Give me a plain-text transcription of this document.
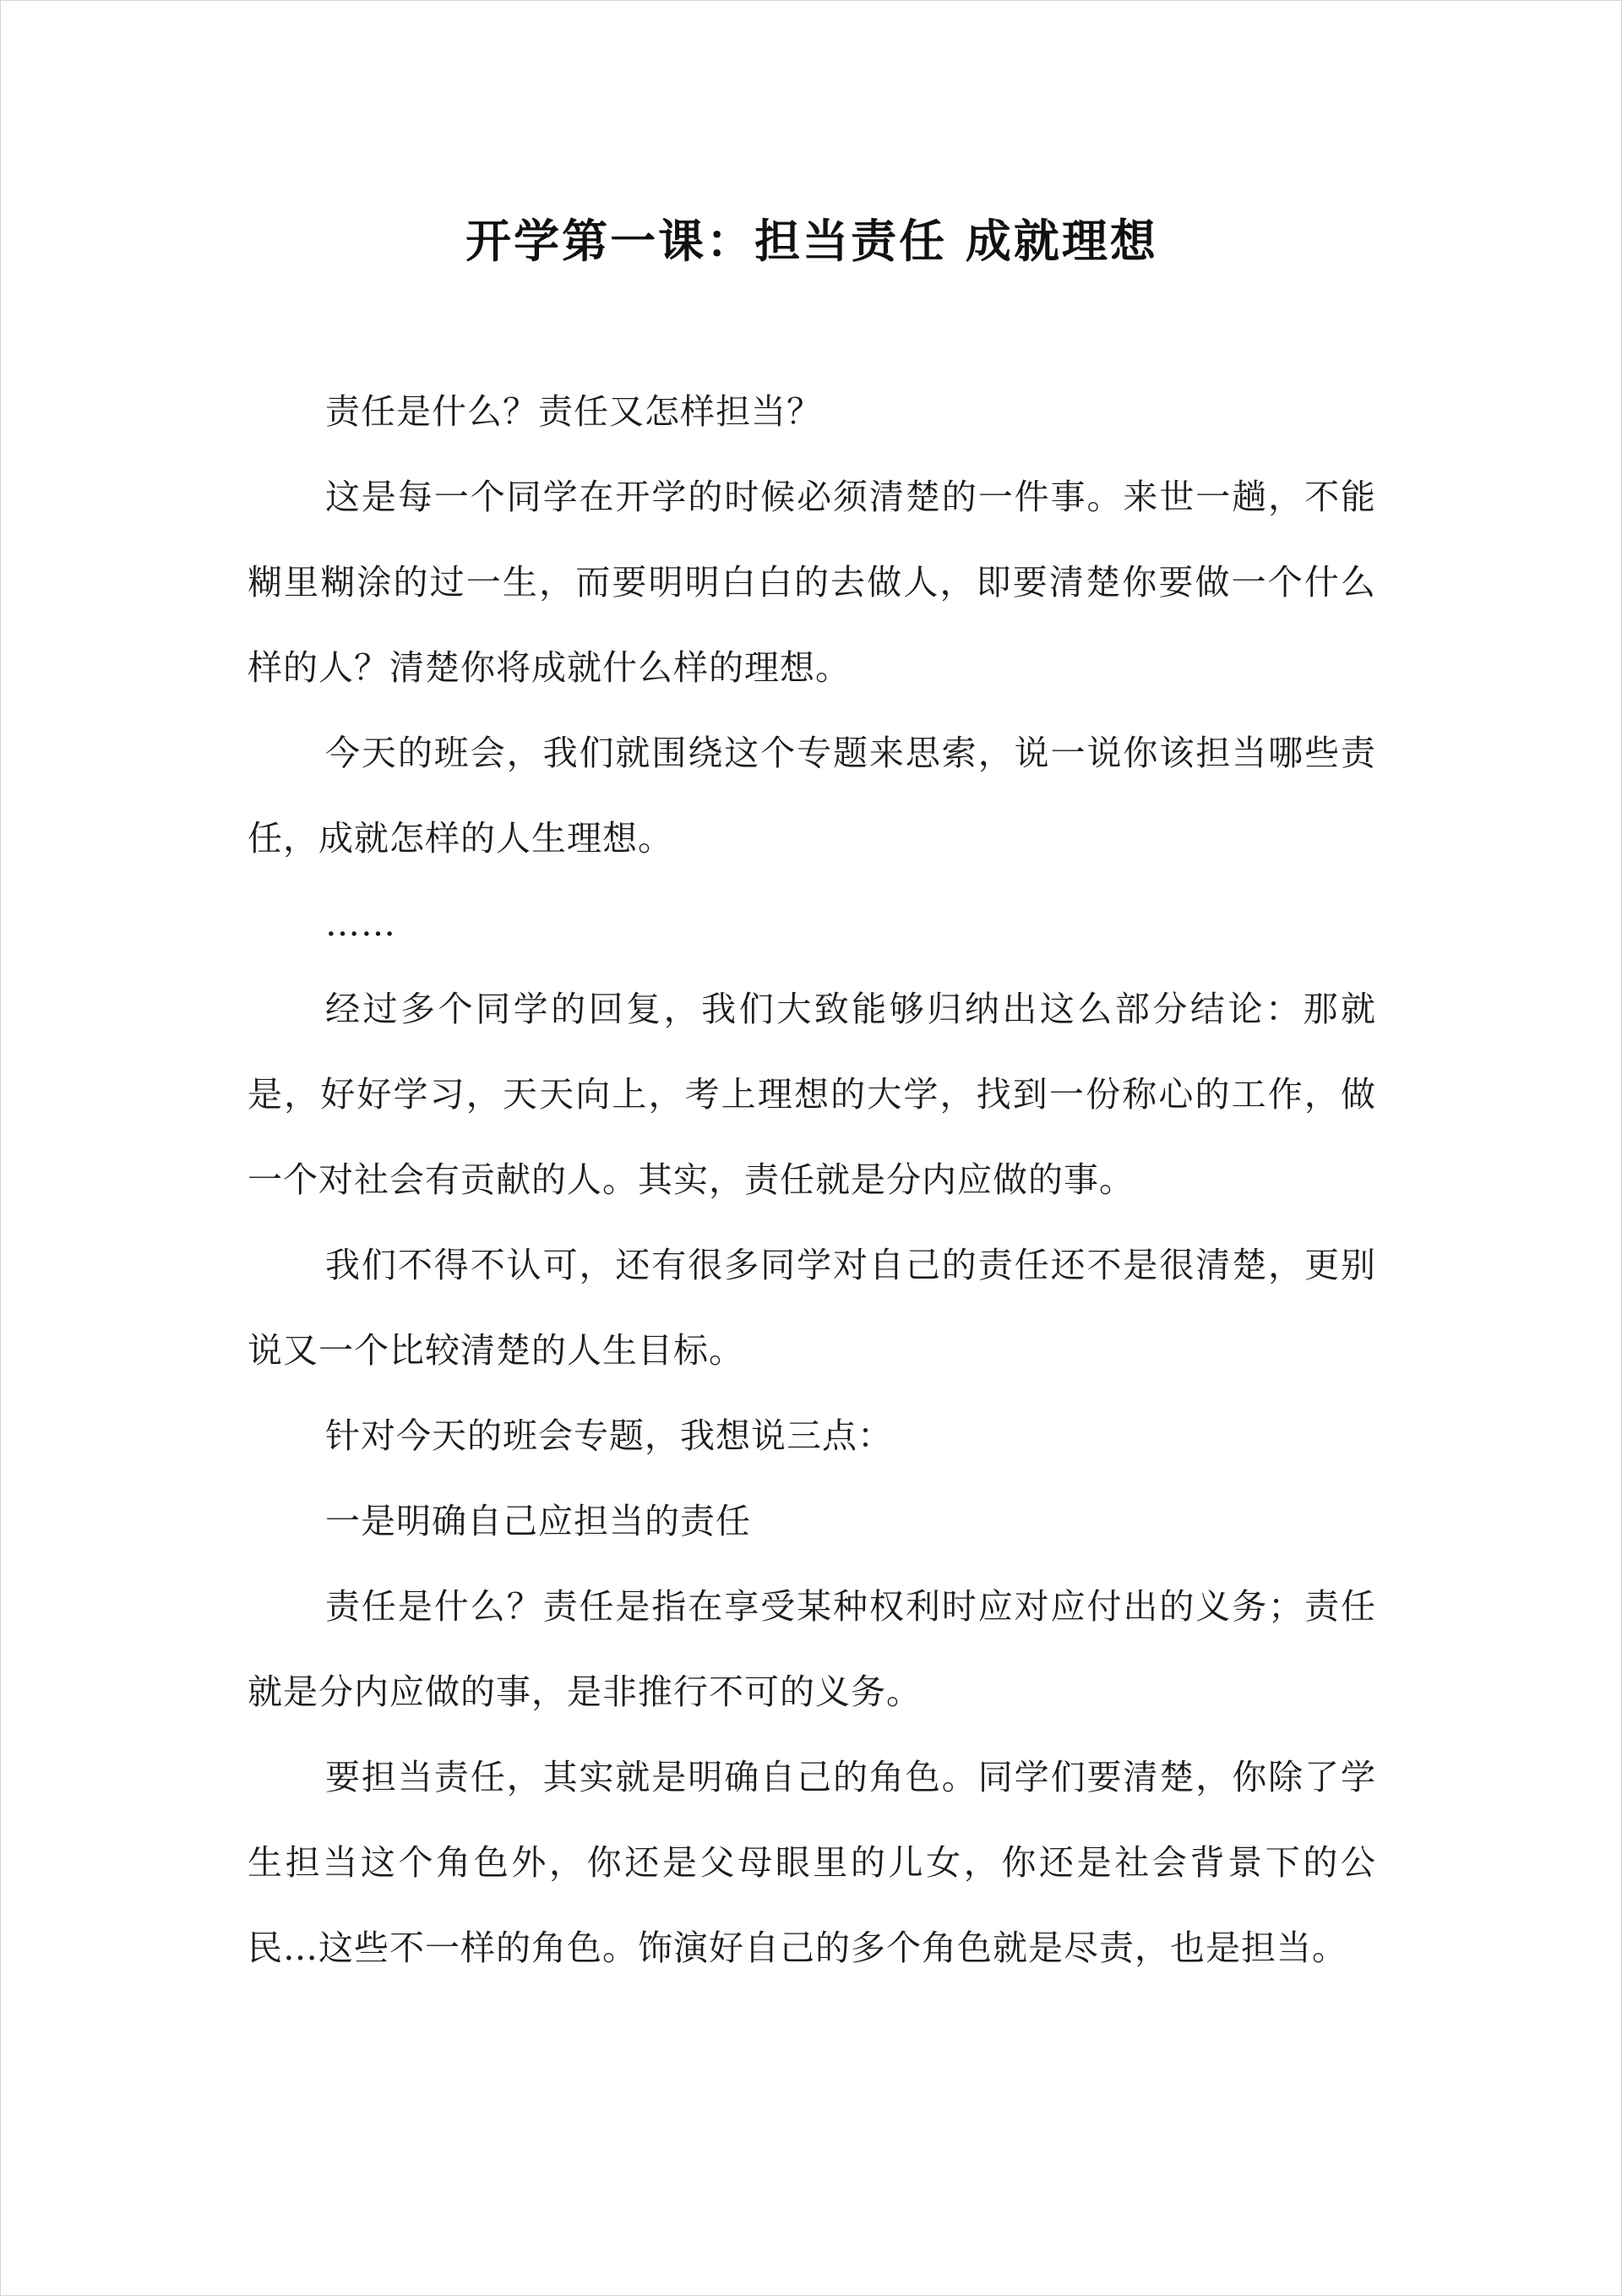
开学第一课：担当责任 成就理想

责任是什么？责任又怎样担当？

这是每一个同学在开学的时候必须清楚的一件事。来世一趟，不能糊里糊涂的过一生，而要明明白白的去做人，即要清楚你要做一个什么样的人？清楚你将成就什么样的理想。

今天的班会，我们就围绕这个专题来思索，说一说你该担当哪些责任，成就怎样的人生理想。

……

经过多个同学的回复，我们大致能够归纳出这么部分结论：那就是，好好学习，天天向上，考上理想的大学，找到一份称心的工作，做一个对社会有贡献的人。其实，责任就是分内应做的事。

我们不得不认可，还有很多同学对自己的责任还不是很清楚，更别说又一个比较清楚的人生目标。

针对今天的班会专题，我想说三点：

一是明确自己应担当的责任

责任是什么？责任是指在享受某种权利时应对应付出的义务；责任就是分内应做的事，是非推行不可的义务。

要担当责任，其实就是明确自己的角色。同学们要清楚，你除了学生担当这个角色外，你还是父母眼里的儿女，你还是社会背景下的公民…这些不一样的角色。饰演好自己的多个角色就是尽责，也是担当。
